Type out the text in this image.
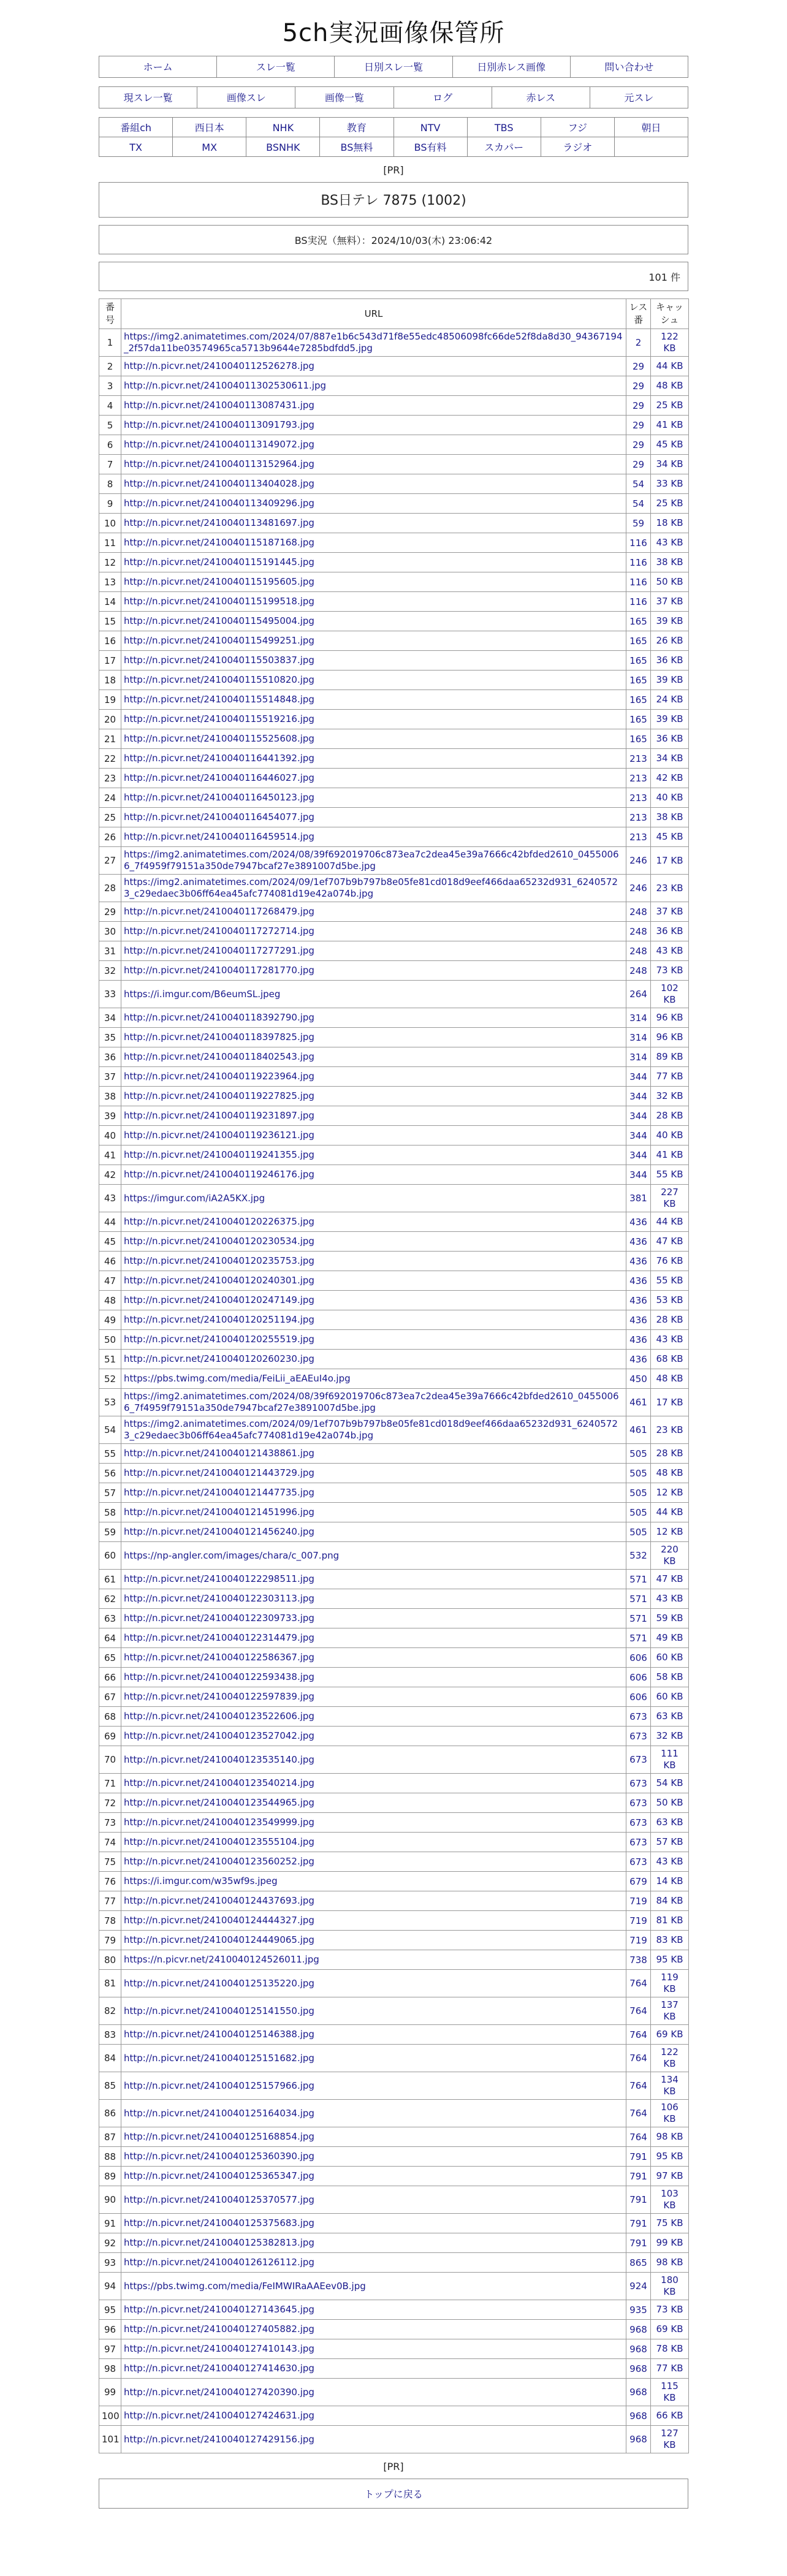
5ch実況画像保管所
ホーム	スレ一覧	日別スレ一覧	日別赤レス画像	問い合わせ
現スレ一覧	画像スレ	画像一覧	ログ	赤レス	元スレ
番組ch	西日本	NHK	教育	NTV	TBS	フジ	朝日
TX	MX	BSNHK	BS無料	BS有料	スカパー	ラジオ
[PR]
BS日テレ 7875 (1002)
BS実況（無料）：2024/10/03(木) 23:06:42
101 件
番号	URL	レス番	キャッシュ
1	https://img2.animatetimes.com/2024/07/887e1b6c543d71f8e55edc48506098fc66de52f8da8d30_94367194_2f57da11be03574965ca5713b9644e7285bdfdd5.jpg	2	122 KB
2	http://n.picvr.net/241004011252​6278.jpg	29	44 KB
3	http://n.picvr.net/2410040113025​30611.jpg	29	48 KB
4	http://n.picvr.net/241004011308​7431.jpg	29	25 KB
5	http://n.picvr.net/241004011309​1793.jpg	29	41 KB
6	http://n.picvr.net/241004011314​9072.jpg	29	45 KB
7	http://n.picvr.net/241004011315​2964.jpg	29	34 KB
8	http://n.picvr.net/241004011340​4028.jpg	54	33 KB
9	http://n.picvr.net/241004011340​9296.jpg	54	25 KB
10	http://n.picvr.net/241004011348​1697.jpg	59	18 KB
11	http://n.picvr.net/241004011518​7168.jpg	116	43 KB
12	http://n.picvr.net/241004011519​1445.jpg	116	38 KB
13	http://n.picvr.net/241004011519​5605.jpg	116	50 KB
14	http://n.picvr.net/241004011519​9518.jpg	116	37 KB
15	http://n.picvr.net/241004011549​5004.jpg	165	39 KB
16	http://n.picvr.net/241004011549​9251.jpg	165	26 KB
17	http://n.picvr.net/241004011550​3837.jpg	165	36 KB
18	http://n.picvr.net/241004011551​0820.jpg	165	39 KB
19	http://n.picvr.net/241004011551​4848.jpg	165	24 KB
20	http://n.picvr.net/241004011551​9216.jpg	165	39 KB
21	http://n.picvr.net/241004011552​5608.jpg	165	36 KB
22	http://n.picvr.net/241004011644​1392.jpg	213	34 KB
23	http://n.picvr.net/241004011644​6027.jpg	213	42 KB
24	http://n.picvr.net/241004011645​0123.jpg	213	40 KB
25	http://n.picvr.net/241004011645​4077.jpg	213	38 KB
26	http://n.picvr.net/241004011645​9514.jpg	213	45 KB
27	https://img2.animatetimes.com/2024/08/39f692019706c873ea7c2dea45e39a7666c42bfded2610_04550066_7f4959f79151a350de7947bcaf27e3891007d5be.jpg	246	17 KB
28	https://img2.animatetimes.com/2024/09/1ef707b9b797b8e05fe81cd018d9eef466daa65232d931_62405723_c29edaec3b06ff64ea45afc774081d19e42a074b.jpg	246	23 KB
29	http://n.picvr.net/241004011726​8479.jpg	248	37 KB
30	http://n.picvr.net/241004011727​2714.jpg	248	36 KB
31	http://n.picvr.net/241004011727​7291.jpg	248	43 KB
32	http://n.picvr.net/241004011728​1770.jpg	248	73 KB
33	https://i.imgur.com/B6eumSL.jpeg	264	102 KB
34	http://n.picvr.net/241004011839​2790.jpg	314	96 KB
35	http://n.picvr.net/241004011839​7825.jpg	314	96 KB
36	http://n.picvr.net/241004011840​2543.jpg	314	89 KB
37	http://n.picvr.net/241004011922​3964.jpg	344	77 KB
38	http://n.picvr.net/241004011922​7825.jpg	344	32 KB
39	http://n.picvr.net/241004011923​1897.jpg	344	28 KB
40	http://n.picvr.net/241004011923​6121.jpg	344	40 KB
41	http://n.picvr.net/241004011924​1355.jpg	344	41 KB
42	http://n.picvr.net/241004011924​6176.jpg	344	55 KB
43	https://imgur.com/iA2A5KX.jpg	381	227 KB
44	http://n.picvr.net/241004012022​6375.jpg	436	44 KB
45	http://n.picvr.net/241004012023​0534.jpg	436	47 KB
46	http://n.picvr.net/241004012023​5753.jpg	436	76 KB
47	http://n.picvr.net/241004012024​0301.jpg	436	55 KB
48	http://n.picvr.net/241004012024​7149.jpg	436	53 KB
49	http://n.picvr.net/241004012025​1194.jpg	436	28 KB
50	http://n.picvr.net/241004012025​5519.jpg	436	43 KB
51	http://n.picvr.net/241004012026​0230.jpg	436	68 KB
52	https://pbs.twimg.com/media/FeiLii_aEAEuI4o.jpg	450	48 KB
53	https://img2.animatetimes.com/2024/08/39f692019706c873ea7c2dea45e39a7666c42bfded2610_04550066_7f4959f79151a350de7947bcaf27e3891007d5be.jpg	461	17 KB
54	https://img2.animatetimes.com/2024/09/1ef707b9b797b8e05fe81cd018d9eef466daa65232d931_62405723_c29edaec3b06ff64ea45afc774081d19e42a074b.jpg	461	23 KB
55	http://n.picvr.net/241004012143​8861.jpg	505	28 KB
56	http://n.picvr.net/241004012144​3729.jpg	505	48 KB
57	http://n.picvr.net/241004012144​7735.jpg	505	12 KB
58	http://n.picvr.net/241004012145​1996.jpg	505	44 KB
59	http://n.picvr.net/241004012145​6240.jpg	505	12 KB
60	https://np-angler.com/images/chara/c_007.png	532	220 KB
61	http://n.picvr.net/241004012229​8511.jpg	571	47 KB
62	http://n.picvr.net/241004012230​3113.jpg	571	43 KB
63	http://n.picvr.net/241004012230​9733.jpg	571	59 KB
64	http://n.picvr.net/241004012231​4479.jpg	571	49 KB
65	http://n.picvr.net/241004012258​6367.jpg	606	60 KB
66	http://n.picvr.net/241004012259​3438.jpg	606	58 KB
67	http://n.picvr.net/241004012259​7839.jpg	606	60 KB
68	http://n.picvr.net/241004012352​2606.jpg	673	63 KB
69	http://n.picvr.net/241004012352​7042.jpg	673	32 KB
70	http://n.picvr.net/241004012353​5140.jpg	673	111 KB
71	http://n.picvr.net/241004012354​0214.jpg	673	54 KB
72	http://n.picvr.net/241004012354​4965.jpg	673	50 KB
73	http://n.picvr.net/241004012354​9999.jpg	673	63 KB
74	http://n.picvr.net/241004012355​5104.jpg	673	57 KB
75	http://n.picvr.net/241004012356​0252.jpg	673	43 KB
76	https://i.imgur.com/w35wf9s.jpeg	679	14 KB
77	http://n.picvr.net/241004012443​7693.jpg	719	84 KB
78	http://n.picvr.net/241004012444​4327.jpg	719	81 KB
79	http://n.picvr.net/241004012444​9065.jpg	719	83 KB
80	https://n.picvr.net/241004012452​6011.jpg	738	95 KB
81	http://n.picvr.net/241004012513​5220.jpg	764	119 KB
82	http://n.picvr.net/241004012514​1550.jpg	764	137 KB
83	http://n.picvr.net/241004012514​6388.jpg	764	69 KB
84	http://n.picvr.net/241004012515​1682.jpg	764	122 KB
85	http://n.picvr.net/241004012515​7966.jpg	764	134 KB
86	http://n.picvr.net/241004012516​4034.jpg	764	106 KB
87	http://n.picvr.net/241004012516​8854.jpg	764	98 KB
88	http://n.picvr.net/241004012536​0390.jpg	791	95 KB
89	http://n.picvr.net/241004012536​5347.jpg	791	97 KB
90	http://n.picvr.net/241004012537​0577.jpg	791	103 KB
91	http://n.picvr.net/241004012537​5683.jpg	791	75 KB
92	http://n.picvr.net/241004012538​2813.jpg	791	99 KB
93	http://n.picvr.net/241004012612​6112.jpg	865	98 KB
94	https://pbs.twimg.com/media/FeIMWIRaAAEev0B.jpg	924	180 KB
95	http://n.picvr.net/241004012714​3645.jpg	935	73 KB
96	http://n.picvr.net/241004012740​5882.jpg	968	69 KB
97	http://n.picvr.net/241004012741​0143.jpg	968	78 KB
98	http://n.picvr.net/241004012741​4630.jpg	968	77 KB
99	http://n.picvr.net/241004012742​0390.jpg	968	115 KB
100	http://n.picvr.net/241004012742​4631.jpg	968	66 KB
101	http://n.picvr.net/241004012742​9156.jpg	968	127 KB
[PR]
トップに戻る
